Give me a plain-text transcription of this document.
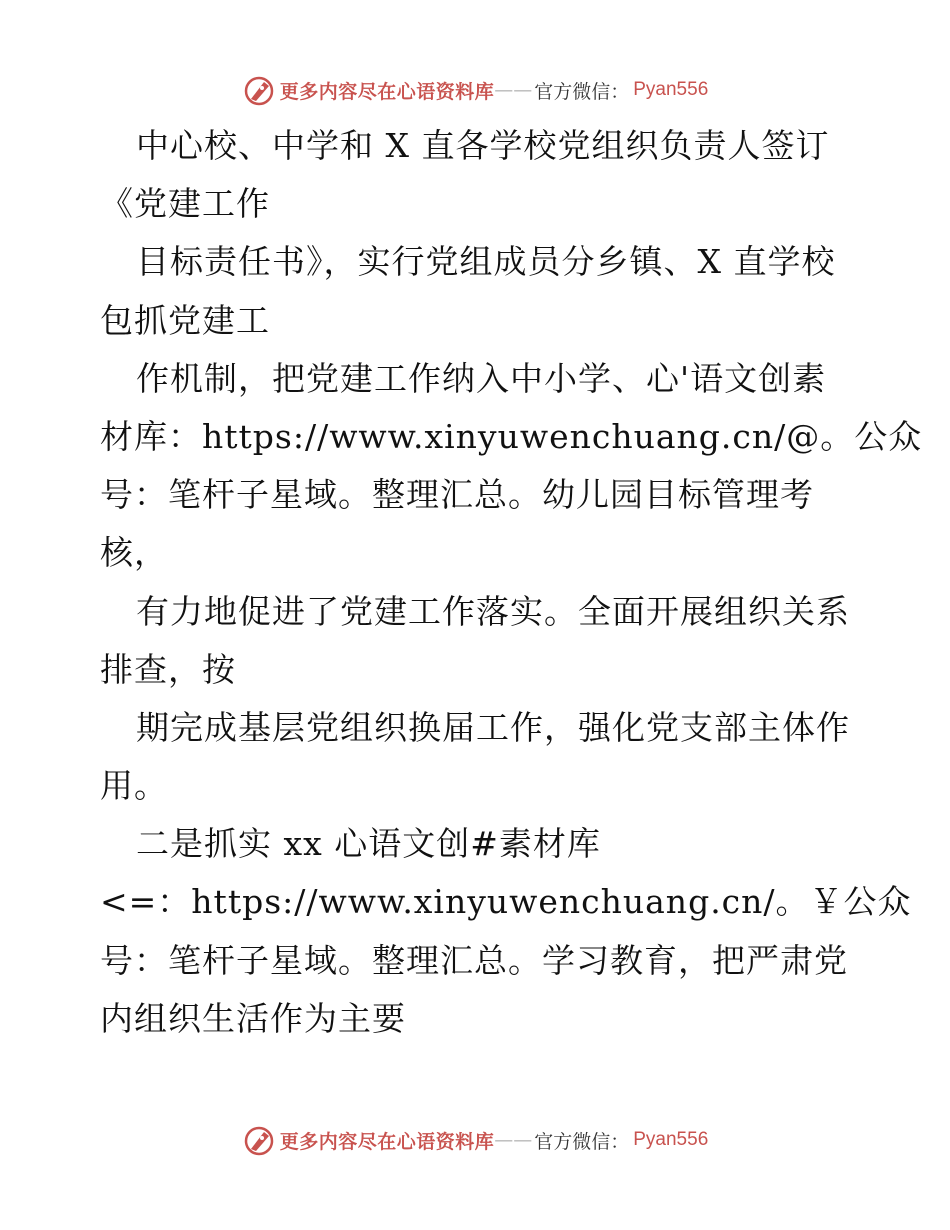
更多内容尽在心语资料库 —— 官方微信： Pyan556
中心校、中学和 X 直各学校党组织负责人签订
《党建工作
目标责任书》，实行党组成员分乡镇、X 直学校
包抓党建工
作机制，把党建工作纳入中小学、心'语文创素
材库：https://www.xinyuwenchuang.cn/@。公众
号：笔杆子星域。整理汇总。幼儿园目标管理考
核，
有力地促进了党建工作落实。全面开展组织关系
排查，按
期完成基层党组织换届工作，强化党支部主体作
用。
二是抓实 xx 心语文创#素材库
<=：https://www.xinyuwenchuang.cn/。￥公众
号：笔杆子星域。整理汇总。学习教育，把严肃党
内组织生活作为主要
更多内容尽在心语资料库 —— 官方微信： Pyan556
